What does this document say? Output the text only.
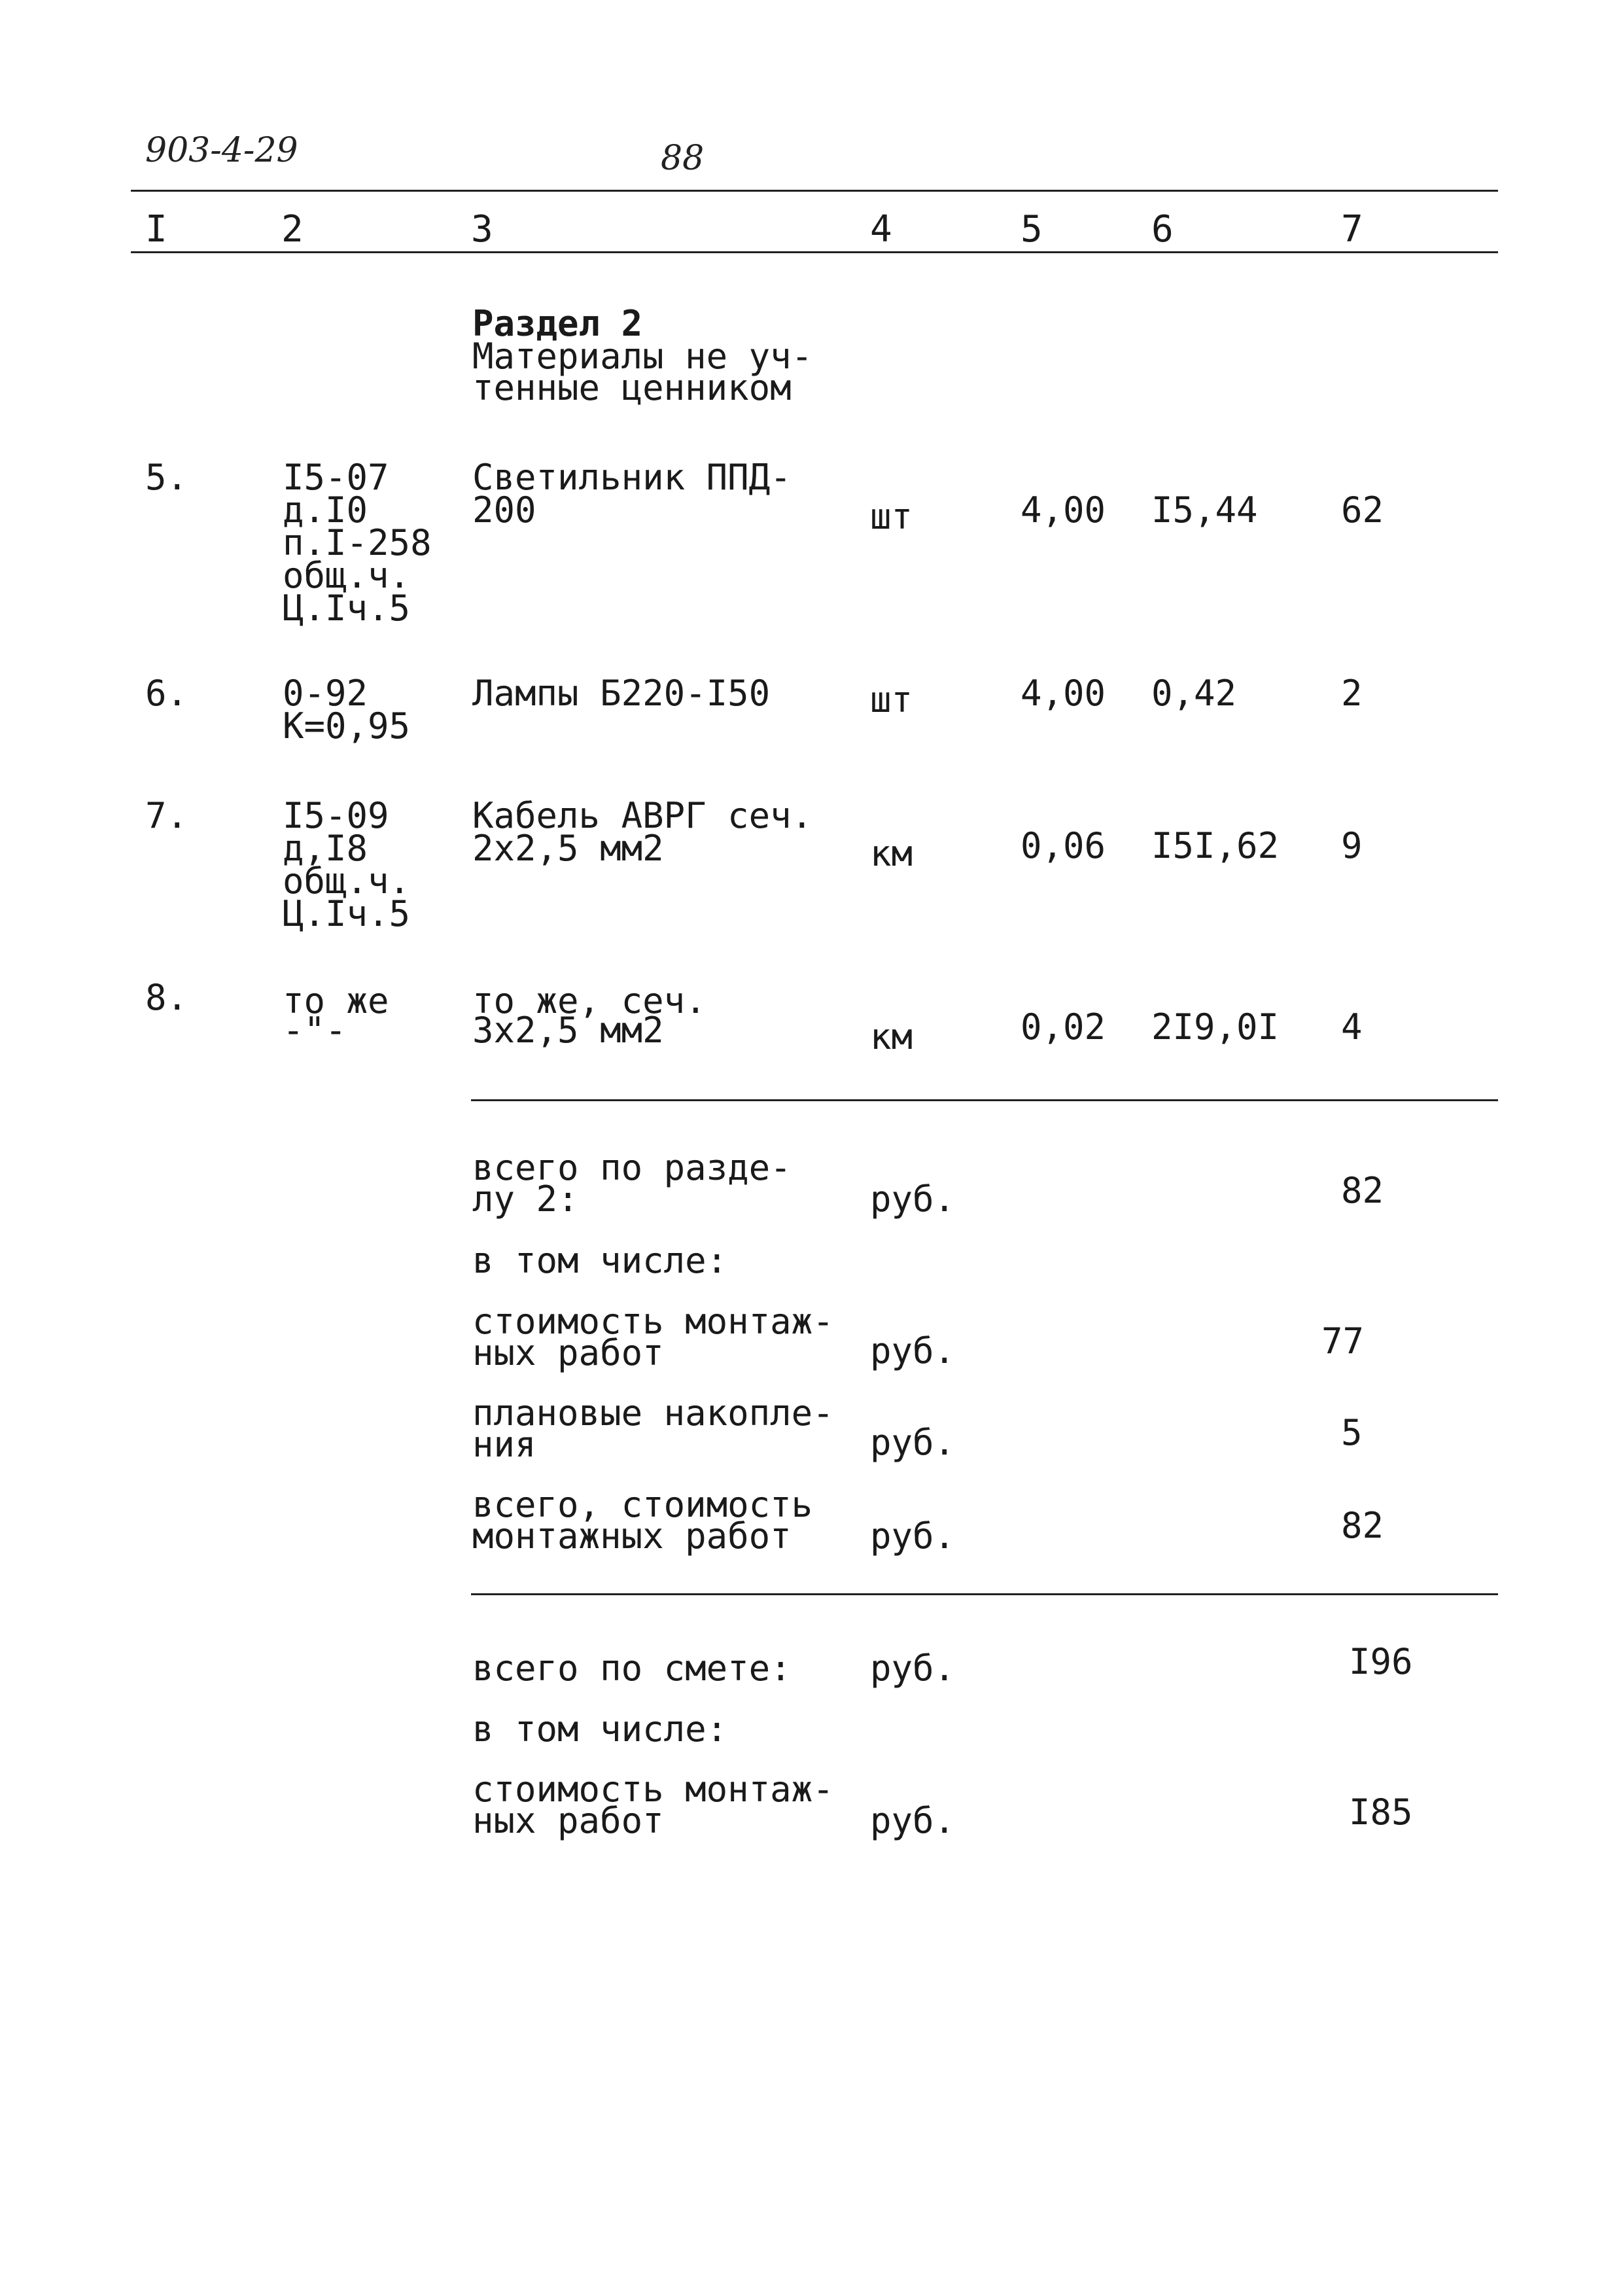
903-4-29	88
I	2	3	4	5	6	7
Раздел 2
Материалы не уч-
тенные ценником
5.	I5-07
д.I0
п.I-258
общ.ч.
Ц.Iч.5
Светильник ППД-
200	шт	4,00 I5,44 62
6.	0-92
К=0,95
Лампы Б220-I50	шт	4,00 0,42	2
7.	I5-09
д,I8
общ.ч.
Ц.Iч.5
Кабель АВРГ сеч.
2х2,5 мм2	км	0,06 I5I,62 9
8.	то же
-"-
то же, сеч.
3х2,5 мм2	км	0,02 2I9,0I 4
всего по разде-
лу 2:	руб.	82
в том числе:
стоимость монтаж-
ных работ	руб.	77
плановые накопле-
ния	руб.	5
всего, стоимость
монтажных работ руб.	82
всего по смете: руб.	I96
в том числе:
стоимость монтаж-
ных работ	руб.	I85
